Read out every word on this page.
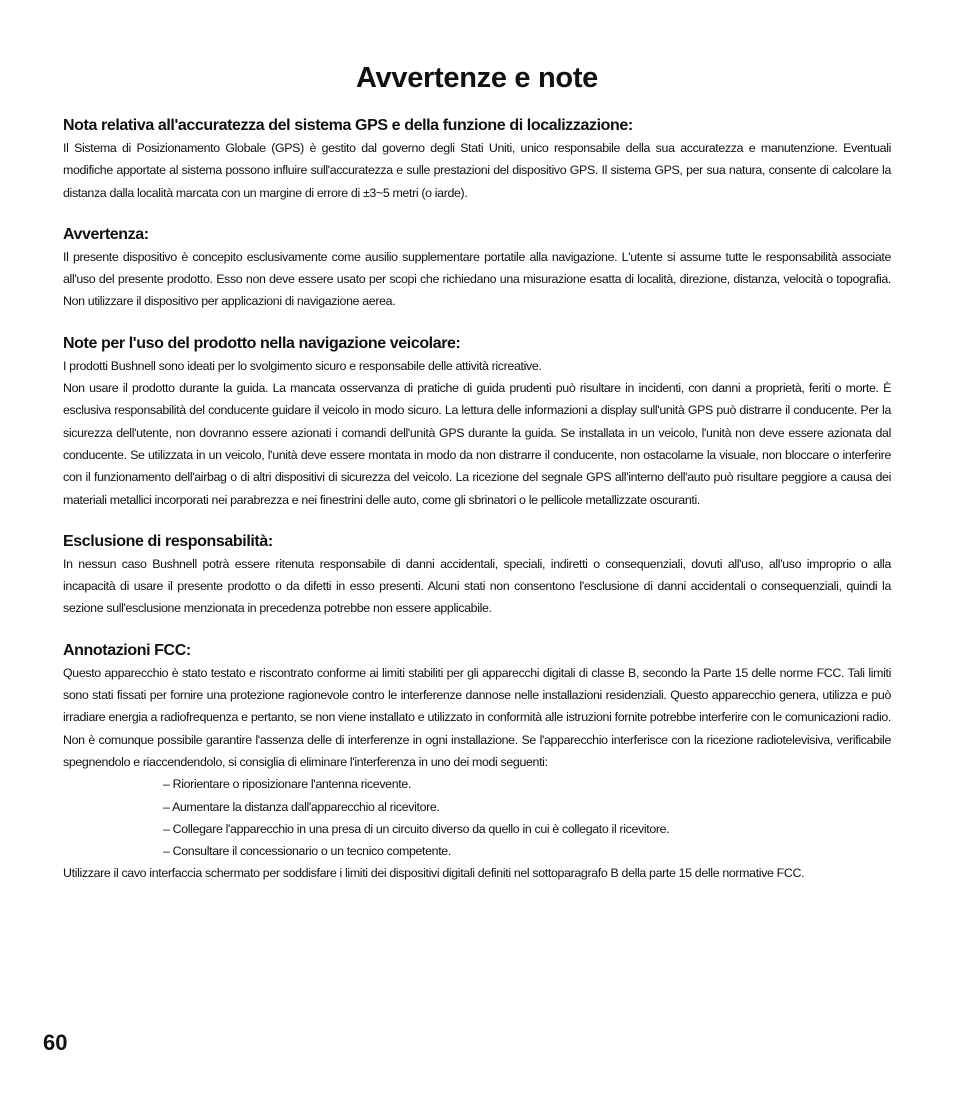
Avvertenze e note
Nota relativa all'accuratezza del sistema GPS e della funzione di localizzazione:

Il Sistema di Posizionamento Globale (GPS) è gestito dal governo degli Stati Uniti, unico responsabile della sua accuratezza e manutenzione. Eventuali modifiche apportate al sistema possono influire sull'accuratezza e sulle prestazioni del dispositivo GPS. Il sistema GPS, per sua natura, consente di calcolare la distanza dalla località marcata con un margine di errore di ±3~5 metri (o iarde).

Avvertenza:

Il presente dispositivo è concepito esclusivamente come ausilio supplementare portatile alla navigazione. L'utente si assume tutte le responsabilità associate all'uso del presente prodotto. Esso non deve essere usato per scopi che richiedano una misurazione esatta di località, direzione, distanza, velocità o topografia. Non utilizzare il dispositivo per applicazioni di navigazione aerea.

Note per l'uso del prodotto nella navigazione veicolare:

I prodotti Bushnell sono ideati per lo svolgimento sicuro e responsabile delle attività ricreative.

Non usare il prodotto durante la guida. La mancata osservanza di pratiche di guida prudenti può risultare in incidenti, con danni a proprietà, feriti o morte. È esclusiva responsabilità del conducente guidare il veicolo in modo sicuro. La lettura delle informazioni a display sull'unità GPS può distrarre il conducente. Per la sicurezza dell'utente, non dovranno essere azionati i comandi dell'unità GPS durante la guida. Se installata in un veicolo, l'unità non deve essere azionata dal conducente. Se utilizzata in un veicolo, l'unità deve essere montata in modo da non distrarre il conducente, non ostacolarne la visuale, non bloccare o interferire con il funzionamento dell'airbag o di altri dispositivi di sicurezza del veicolo. La ricezione del segnale GPS all'interno dell'auto può risultare peggiore a causa dei materiali metallici incorporati nei parabrezza e nei finestrini delle auto, come gli sbrinatori o le pellicole metallizzate oscuranti.

Esclusione di responsabilità:

In nessun caso Bushnell potrà essere ritenuta responsabile di danni accidentali, speciali, indiretti o consequenziali, dovuti all'uso, all'uso improprio o alla incapacità di usare il presente prodotto o da difetti in esso presenti. Alcuni stati non consentono l'esclusione di danni accidentali o consequenziali, quindi la sezione sull'esclusione menzionata in precedenza potrebbe non essere applicabile.

Annotazioni FCC:

Questo apparecchio è stato testato e riscontrato conforme ai limiti stabiliti per gli apparecchi digitali di classe B, secondo la Parte 15 delle norme FCC. Tali limiti sono stati fissati per fornire una protezione ragionevole contro le interferenze dannose nelle installazioni residenziali. Questo apparecchio genera, utilizza e può irradiare energia a radiofrequenza e pertanto, se non viene installato e utilizzato in conformità alle istruzioni fornite potrebbe interferire con le comunicazioni radio. Non è comunque possibile garantire l'assenza delle di interferenze in ogni installazione. Se l'apparecchio interferisce con la ricezione radiotelevisiva, verificabile spegnendolo e riaccendendolo, si consiglia di eliminare l'interferenza in uno dei modi seguenti:

– Riorientare o riposizionare l'antenna ricevente.
– Aumentare la distanza dall'apparecchio al ricevitore.
– Collegare l'apparecchio in una presa di un circuito diverso da quello in cui è collegato il ricevitore.
– Consultare il concessionario o un tecnico competente.

Utilizzare il cavo interfaccia schermato per soddisfare i limiti dei dispositivi digitali definiti nel sottoparagrafo B della parte 15 delle normative FCC.

60
